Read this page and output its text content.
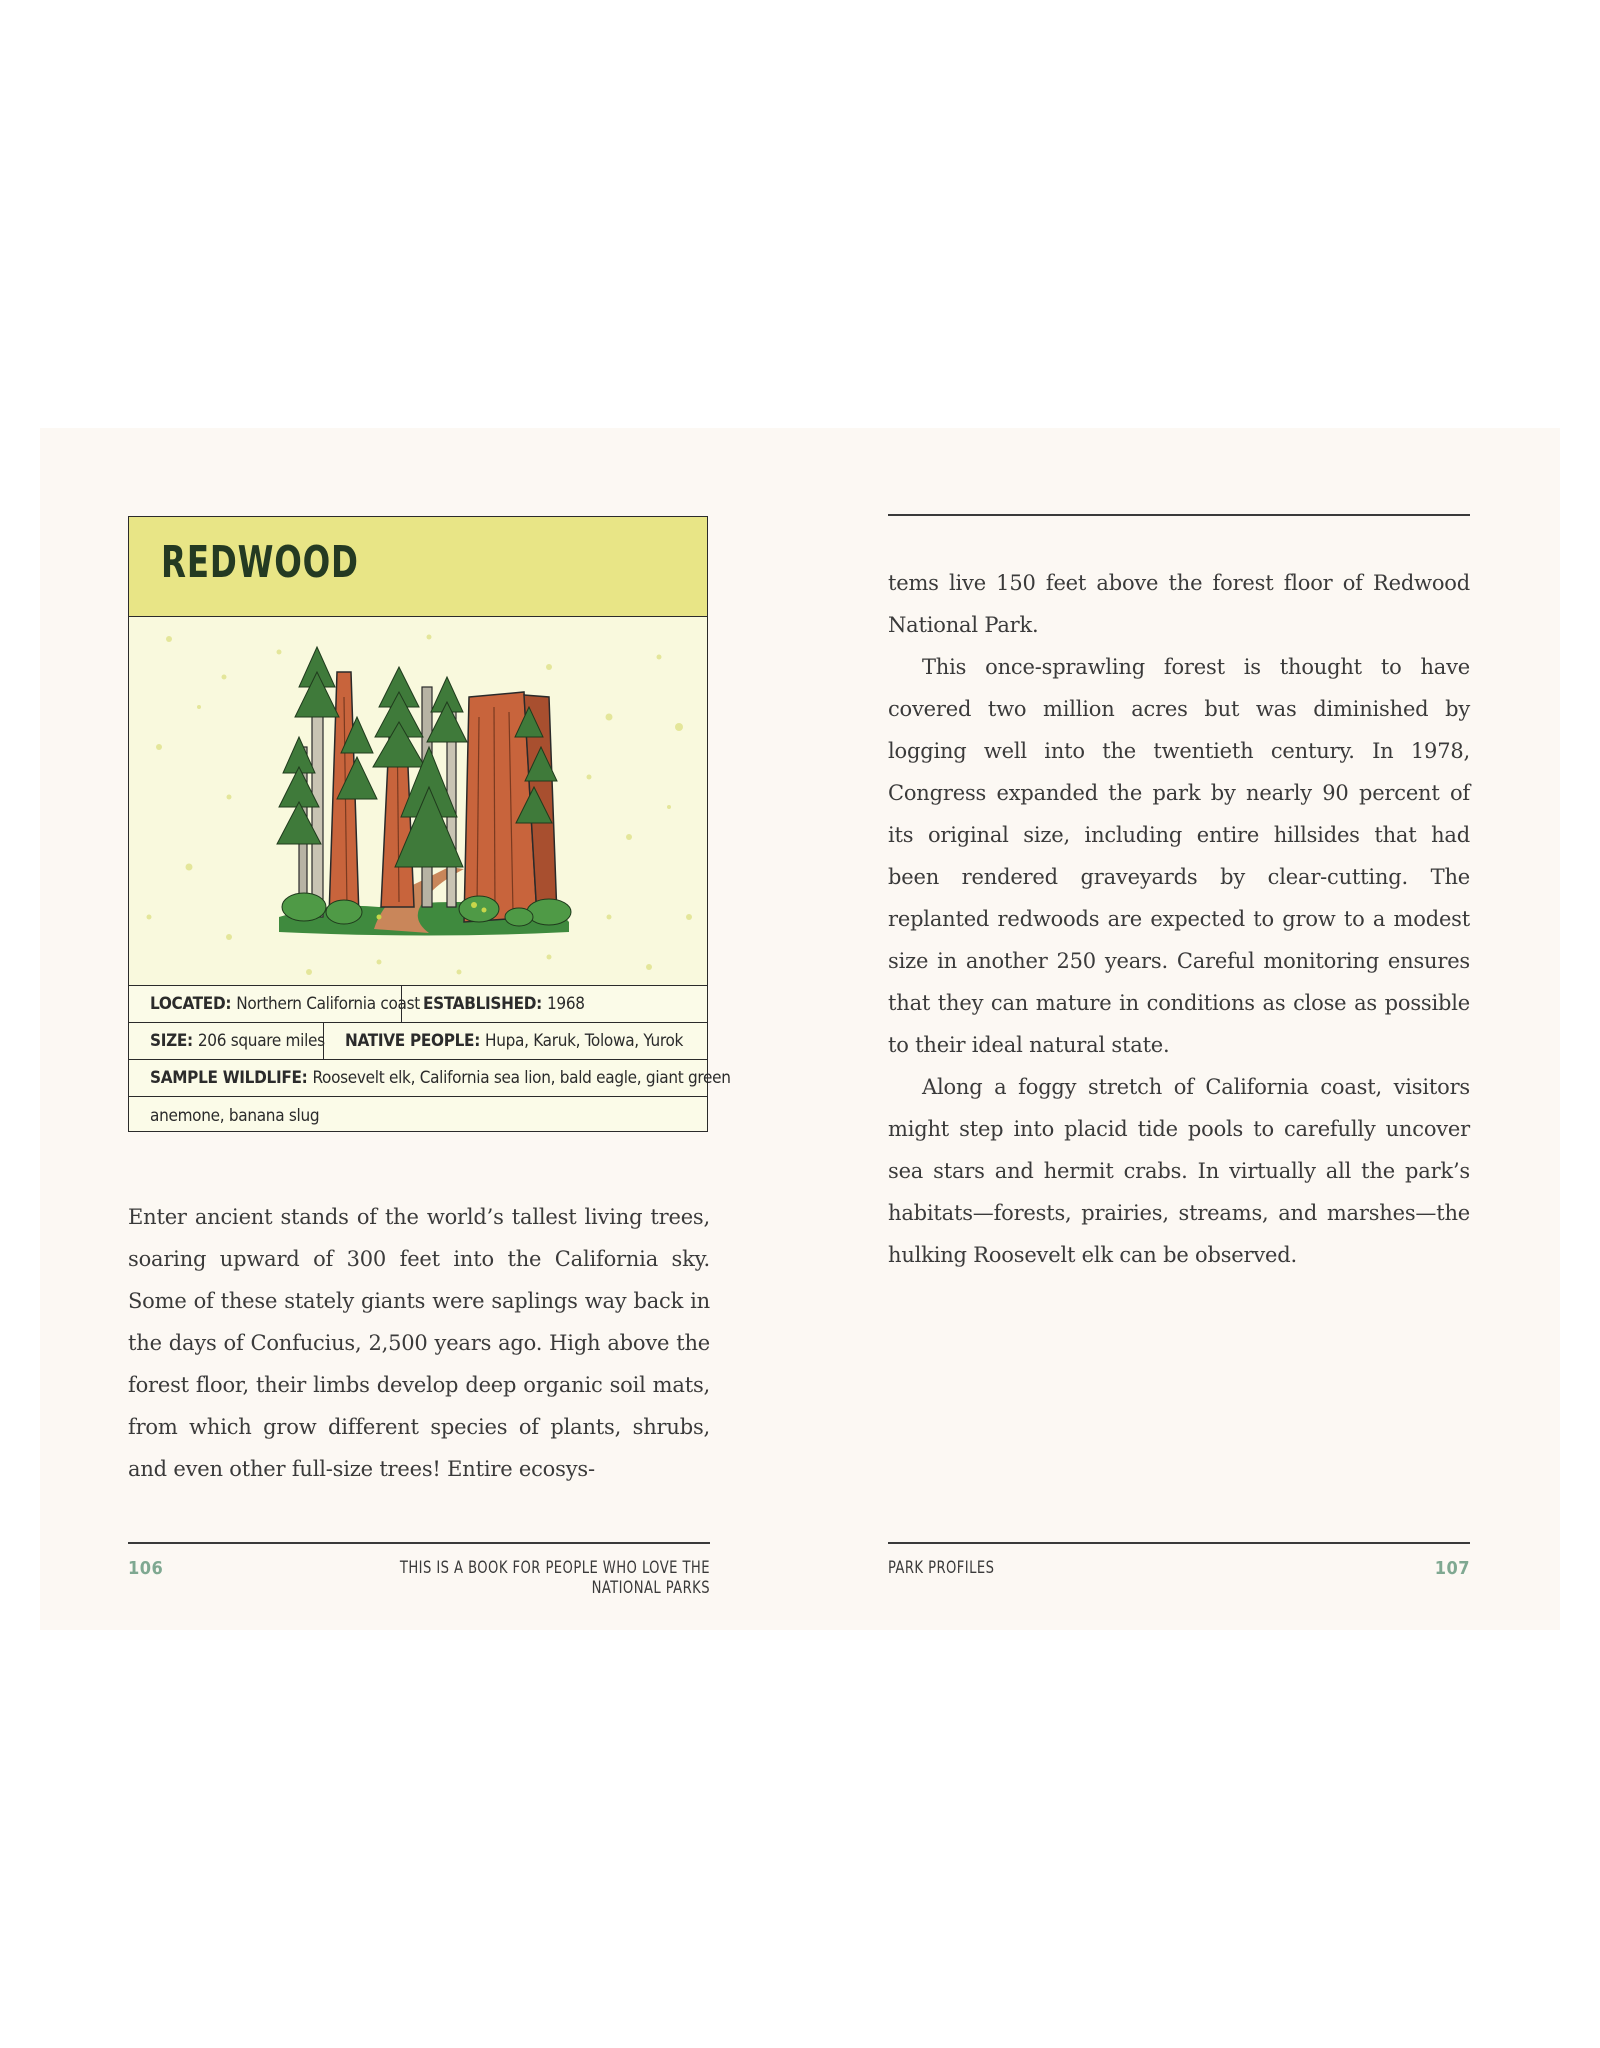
REDWOOD
LOCATED: Northern California coast ESTABLISHED: 1968
SIZE: 206 square miles NATIVE PEOPLE: Hupa, Karuk, Tolowa, Yurok
SAMPLE WILDLIFE: Roosevelt elk, California sea lion, bald eagle, giant green
anemone, banana slug

Enter ancient stands of the world’s tallest living trees, soaring upward of 300 feet into the California sky. Some of these stately giants were saplings way back in the days of Confucius, 2,500 years ago. High above the forest floor, their limbs develop deep organic soil mats, from which grow different species of plants, shrubs, and even other full-size trees! Entire ecosys-

tems live 150 feet above the forest floor of Redwood National Park.

This once-sprawling forest is thought to have covered two million acres but was diminished by logging well into the twentieth century. In 1978, Congress expanded the park by nearly 90 percent of its original size, including entire hillsides that had been rendered graveyards by clear-cutting. The replanted redwoods are expected to grow to a modest size in another 250 years. Careful monitoring ensures that they can mature in conditions as close as possible to their ideal natural state.

Along a foggy stretch of California coast, visitors might step into placid tide pools to carefully uncover sea stars and hermit crabs. In virtually all the park’s habitats—forests, prairies, streams, and marshes—the hulking Roosevelt elk can be observed.

106	THIS IS A BOOK FOR PEOPLE WHO LOVE THE NATIONAL PARKS
PARK PROFILES	107
